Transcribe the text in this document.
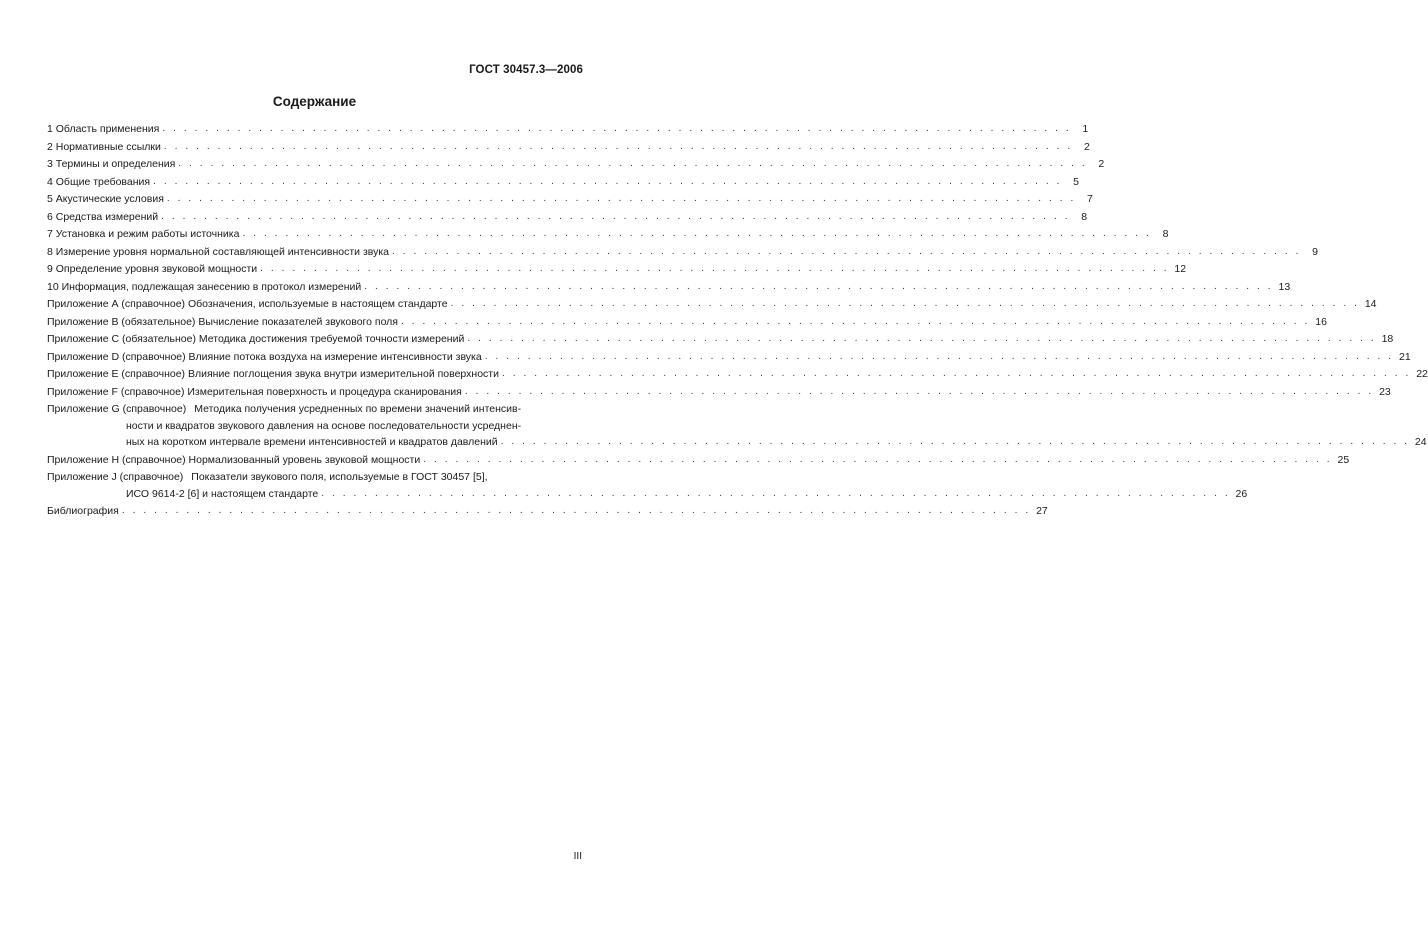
ГОСТ 30457.3—2006
Содержание
1 Область применения . . . . . . . . . . . . . . . . . . . . . . . . . . . . . . . . . . . . . . . . . . . . . . . . . . . . . . . . . . . . . . . . . . . . . . . . . . . . . . . . . . . . .	1
2 Нормативные ссылки . . . . . . . . . . . . . . . . . . . . . . . . . . . . . . . . . . . . . . . . . . . . . . . . . . . . . . . . . . . . . . . . . . . . . . . . . . . . . . . . . . . . .	2
3 Термины и определения . . . . . . . . . . . . . . . . . . . . . . . . . . . . . . . . . . . . . . . . . . . . . . . . . . . . . . . . . . . . . . . . . . . . . . . . . . . . . . . . . . . . .	2
4 Общие требования . . . . . . . . . . . . . . . . . . . . . . . . . . . . . . . . . . . . . . . . . . . . . . . . . . . . . . . . . . . . . . . . . . . . . . . . . . . . . . . . . . . . .	5
5 Акустические условия . . . . . . . . . . . . . . . . . . . . . . . . . . . . . . . . . . . . . . . . . . . . . . . . . . . . . . . . . . . . . . . . . . . . . . . . . . . . . . . . . . . . .	7
6 Средства измерений . . . . . . . . . . . . . . . . . . . . . . . . . . . . . . . . . . . . . . . . . . . . . . . . . . . . . . . . . . . . . . . . . . . . . . . . . . . . . . . . . . . . .	8
7 Установка и режим работы источника . . . . . . . . . . . . . . . . . . . . . . . . . . . . . . . . . . . . . . . . . . . . . . . . . . . . . . . . . . . . . . . . . . . . . . . . . . . . . . . . . . . . .	8
8 Измерение уровня нормальной составляющей интенсивности звука . . . . . . . . . . . . . . . . . . . . . . . . . . . . . . . . . . . . . . . . . . . . . . . . . . . . . . . . . . . . . . . . . . . . . . . . . . . . . . . . . . . . .	9
9 Определение уровня звуковой мощности . . . . . . . . . . . . . . . . . . . . . . . . . . . . . . . . . . . . . . . . . . . . . . . . . . . . . . . . . . . . . . . . . . . . . . . . . . . . . . . . . . . . . 12
10 Информация, подлежащая занесению в протокол измерений . . . . . . . . . . . . . . . . . . . . . . . . . . . . . . . . . . . . . . . . . . . . . . . . . . . . . . . . . . . . . . . . . . . . . . . . . . . . . . . . . . . . . 13
Приложение А (справочное) Обозначения, используемые в настоящем стандарте . . . . . . . . . . . . . . . . . . . . . . . . . . . . . . . . . . . . . . . . . . . . . . . . . . . . . . . . . . . . . . . . . . . . . . . . . . . . . . . . . . . . . 14
Приложение В (обязательное) Вычисление показателей звукового поля . . . . . . . . . . . . . . . . . . . . . . . . . . . . . . . . . . . . . . . . . . . . . . . . . . . . . . . . . . . . . . . . . . . . . . . . . . . . . . . . . . . . . 16
Приложение С (обязательное) Методика достижения требуемой точности измерений . . . . . . . . . . . . . . . . . . . . . . . . . . . . . . . . . . . . . . . . . . . . . . . . . . . . . . . . . . . . . . . . . . . . . . . . . . . . . . . . . . . . . 18
Приложение D (справочное) Влияние потока воздуха на измерение интенсивности звука . . . . . . . . . . . . . . . . . . . . . . . . . . . . . . . . . . . . . . . . . . . . . . . . . . . . . . . . . . . . . . . . . . . . . . . . . . . . . . . . . . . . . 21
Приложение Е (справочное) Влияние поглощения звука внутри измерительной поверхности . . . . . . . . . . . . . . . . . . . . . . . . . . . . . . . . . . . . . . . . . . . . . . . . . . . . . . . . . . . . . . . . . . . . . . . . . . . . . . . . . . . . . 22
Приложение F (справочное) Измерительная поверхность и процедура сканирования . . . . . . . . . . . . . . . . . . . . . . . . . . . . . . . . . . . . . . . . . . . . . . . . . . . . . . . . . . . . . . . . . . . . . . . . . . . . . . . . . . . . . 23
Приложение G (справочное) Методика получения усредненных по времени значений интенсив-
ности и квадратов звукового давления на основе последовательности усреднен-
ных на коротком интервале времени интенсивностей и квадратов давлений . . . . . . . . . . . . . . . . . . . . . . . . . . . . . . . . . . . . . . . . . . . . . . . . . . . . . . . . . . . . . . . . . . . . . . . . . . . . . . . . . . . . . 24
Приложение Н (справочное) Нормализованный уровень звуковой мощности . . . . . . . . . . . . . . . . . . . . . . . . . . . . . . . . . . . . . . . . . . . . . . . . . . . . . . . . . . . . . . . . . . . . . . . . . . . . . . . . . . . . . 25
Приложение J (справочное) Показатели звукового поля, используемые в ГОСТ 30457 [5],
ИСО 9614-2 [6] и настоящем стандарте . . . . . . . . . . . . . . . . . . . . . . . . . . . . . . . . . . . . . . . . . . . . . . . . . . . . . . . . . . . . . . . . . . . . . . . . . . . . . . . . . . . . . 26
Библиография . . . . . . . . . . . . . . . . . . . . . . . . . . . . . . . . . . . . . . . . . . . . . . . . . . . . . . . . . . . . . . . . . . . . . . . . . . . . . . . . . . . . . 27
III
